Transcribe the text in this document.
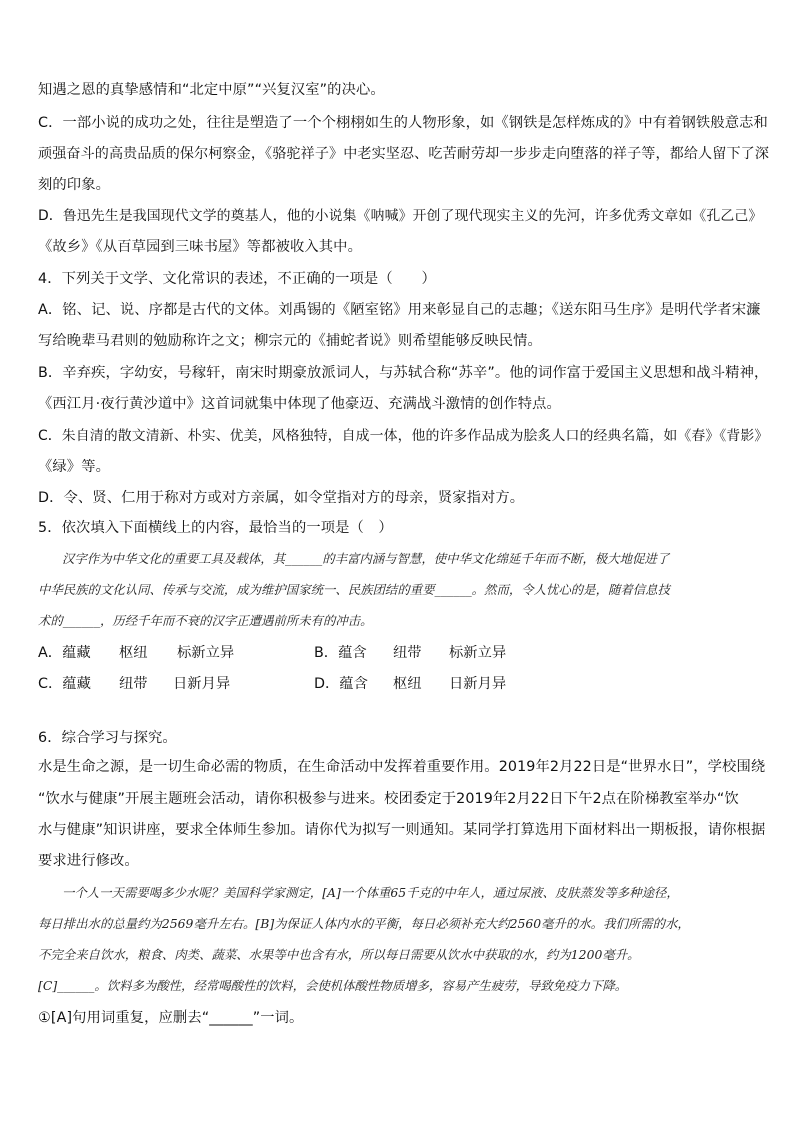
知遇之恩的真挚感情和“北定中原”“兴复汉室”的决心。
C．一部小说的成功之处，往往是塑造了一个个栩栩如生的人物形象，如《钢铁是怎样炼成的》中有着钢铁般意志和
顽强奋斗的高贵品质的保尔柯察金，《骆驼祥子》中老实坚忍、吃苦耐劳却一步步走向堕落的祥子等，都给人留下了深
刻的印象。
D．鲁迅先生是我国现代文学的奠基人，他的小说集《呐喊》开创了现代现实主义的先河，许多优秀文章如《孔乙己》
《故乡》《从百草园到三味书屋》等都被收入其中。
4．下列关于文学、文化常识的表述，不正确的一项是（　　）
A．铭、记、说、序都是古代的文体。刘禹锡的《陋室铭》用来彰显自己的志趣；《送东阳马生序》是明代学者宋濂
写给晚辈马君则的勉励称许之文；柳宗元的《捕蛇者说》则希望能够反映民情。
B．辛弃疾，字幼安，号稼轩，南宋时期豪放派词人，与苏轼合称“苏辛”。他的词作富于爱国主义思想和战斗精神，
《西江月·夜行黄沙道中》这首词就集中体现了他豪迈、充满战斗激情的创作特点。
C．朱自清的散文清新、朴实、优美，风格独特，自成一体，他的许多作品成为脍炙人口的经典名篇，如《春》《背影》
《绿》等。
D．令、贤、仁用于称对方或对方亲属，如令堂指对方的母亲，贤家指对方。
5．依次填入下面横线上的内容，最恰当的一项是（　）
汉字作为中华文化的重要工具及载体，其______的丰富内涵与智慧，使中华文化绵延千年而不断，极大地促进了
中华民族的文化认同、传承与交流，成为维护国家统一、民族团结的重要______。然而，令人忧心的是，随着信息技
术的______，历经千年而不衰的汉字正遭遇前所未有的冲击。
A．蕴藏 枢纽 标新立异	B．蕴含 纽带 标新立异
C．蕴藏 纽带 日新月异	D．蕴含 枢纽 日新月异
6．综合学习与探究。
水是生命之源，是一切生命必需的物质，在生命活动中发挥着重要作用。2019年2月22日是“世界水日”，学校围绕
“饮水与健康”开展主题班会活动，请你积极参与进来。校团委定于2019年2月22日下午2点在阶梯教室举办“饮
水与健康”知识讲座，要求全体师生参加。请你代为拟写一则通知。某同学打算选用下面材料出一期板报，请你根据
要求进行修改。
一个人一天需要喝多少水呢？美国科学家测定，[A]一个体重65千克的中年人，通过尿液、皮肤蒸发等多种途径，
每日排出水的总量约为2569毫升左右。[B]为保证人体内水的平衡，每日必须补充大约2560毫升的水。我们所需的水，
不完全来自饮水，粮食、肉类、蔬菜、水果等中也含有水，所以每日需要从饮水中获取的水，约为1200毫升。
[C]______。饮料多为酸性，经常喝酸性的饮料，会使机体酸性物质增多，容易产生疲劳，导致免疫力下降。
①[A]句用词重复，应删去“______”一词。
